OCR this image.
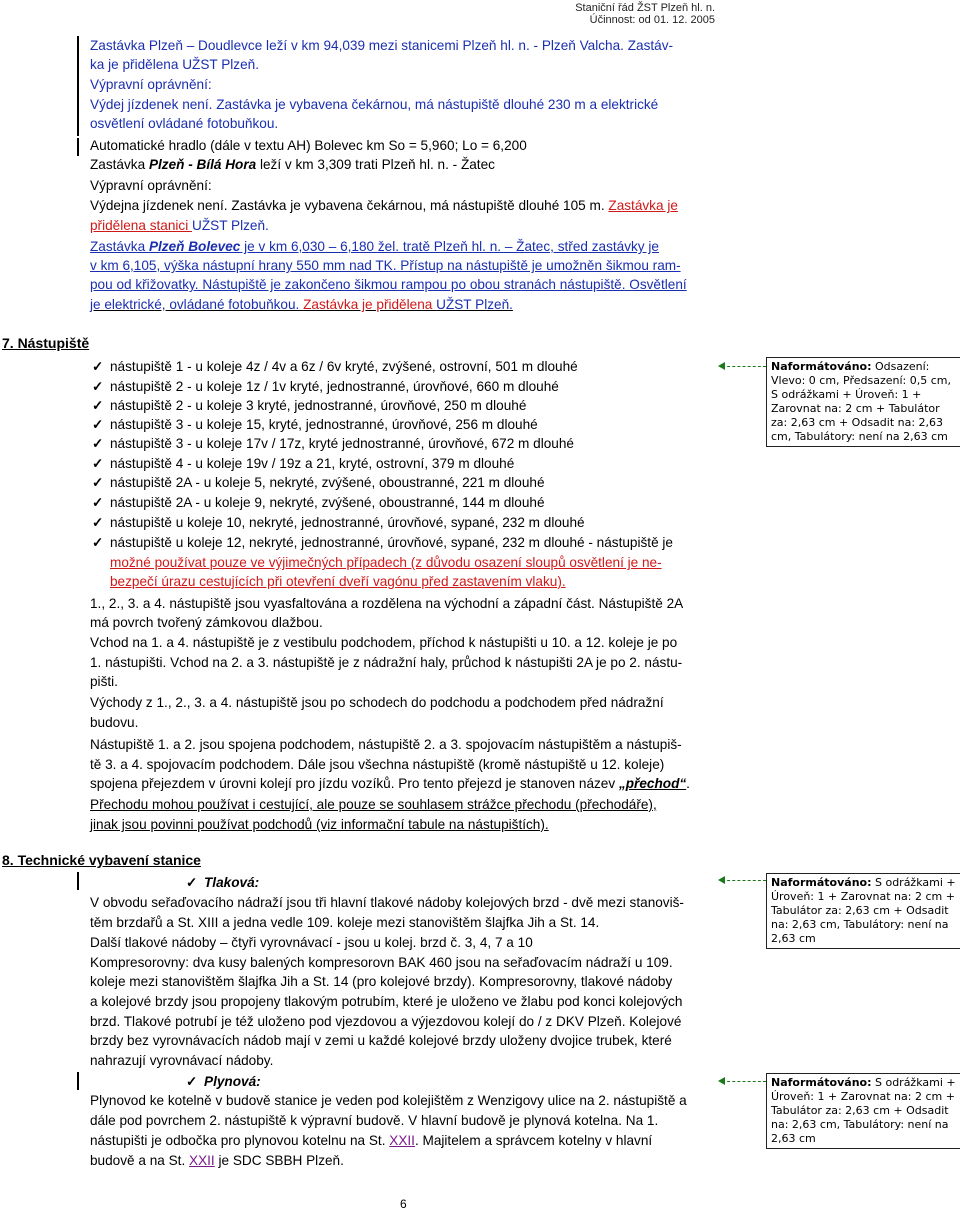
Staniční řád ŽST Plzeň hl. n.
Účinnost: od 01. 12. 2005
Zastávka Plzeň – Doudlevce leží v km 94,039 mezi stanicemi Plzeň hl. n. - Plzeň Valcha. Zastáv-
ka je přidělena UŽST Plzeň.
Výpravní oprávnění:
Výdej jízdenek není. Zastávka je vybavena čekárnou, má nástupiště dlouhé 230 m a elektrické
osvětlení ovládané fotobuňkou.
Automatické hradlo (dále v textu AH) Bolevec km So = 5,960; Lo = 6,200
Zastávka Plzeň - Bílá Hora leží v km 3,309 trati Plzeň hl. n. - Žatec
Výpravní oprávnění:
Výdejna jízdenek není. Zastávka je vybavena čekárnou, má nástupiště dlouhé 105 m. Zastávka je
přidělena stanici UŽST Plzeň.
Zastávka Plzeň Bolevec je v km 6,030 – 6,180 žel. tratě Plzeň hl. n. – Žatec, střed zastávky je
v km 6,105, výška nástupní hrany 550 mm nad TK. Přístup na nástupiště je umožněn šikmou ram-
pou od křižovatky. Nástupiště je zakončeno šikmou rampou po obou stranách nástupiště. Osvětlení
je elektrické, ovládané fotobuňkou. Zastávka je přidělena UŽST Plzeň.
7. Nástupiště
✓ nástupiště 1 - u koleje 4z / 4v a 6z / 6v kryté, zvýšené, ostrovní, 501 m dlouhé
✓ nástupiště 2 - u koleje 1z / 1v kryté, jednostranné, úrovňové, 660 m dlouhé
✓ nástupiště 2 - u koleje 3 kryté, jednostranné, úrovňové, 250 m dlouhé
✓ nástupiště 3 - u koleje 15, kryté, jednostranné, úrovňové, 256 m dlouhé
✓ nástupiště 3 - u koleje 17v / 17z, kryté jednostranné, úrovňové, 672 m dlouhé
✓ nástupiště 4 - u koleje 19v / 19z a 21, kryté, ostrovní, 379 m dlouhé
✓ nástupiště 2A - u koleje 5, nekryté, zvýšené, oboustranné, 221 m dlouhé
✓ nástupiště 2A - u koleje 9, nekryté, zvýšené, oboustranné, 144 m dlouhé
✓ nástupiště u koleje 10, nekryté, jednostranné, úrovňové, sypané, 232 m dlouhé
✓ nástupiště u koleje 12, nekryté, jednostranné, úrovňové, sypané, 232 m dlouhé - nástupiště je
možné používat pouze ve výjimečných případech (z důvodu osazení sloupů osvětlení je ne-
bezpečí úrazu cestujících při otevření dveří vagónu před zastavením vlaku).
1., 2., 3. a 4. nástupiště jsou vyasfaltována a rozdělena na východní a západní část. Nástupiště 2A
má povrch tvořený zámkovou dlažbou.
Vchod na 1. a 4. nástupiště je z vestibulu podchodem, příchod k nástupišti u 10. a 12. koleje je po
1. nástupišti. Vchod na 2. a 3. nástupiště je z nádražní haly, průchod k nástupišti 2A je po 2. nástu-
pišti.
Východy z 1., 2., 3. a 4. nástupiště jsou po schodech do podchodu a podchodem před nádražní
budovu.
Nástupiště 1. a 2. jsou spojena podchodem, nástupiště 2. a 3. spojovacím nástupištěm a nástupiš-
tě 3. a 4. spojovacím podchodem. Dále jsou všechna nástupiště (kromě nástupiště u 12. koleje)
spojena přejezdem v úrovni kolejí pro jízdu vozíků. Pro tento přejezd je stanoven název „přechod“.
Přechodu mohou používat i cestující, ale pouze se souhlasem strážce přechodu (přechodáře),
jinak jsou povinni používat podchodů (viz informační tabule na nástupištích).
8. Technické vybavení stanice
✓ Tlaková:
V obvodu seřaďovacího nádraží jsou tři hlavní tlakové nádoby kolejových brzd - dvě mezi stanoviš-
těm brzdařů a St. XIII a jedna vedle 109. koleje mezi stanovištěm šlajfka Jih a St. 14.
Další tlakové nádoby – čtyři vyrovnávací - jsou u kolej. brzd č. 3, 4, 7 a 10
Kompresorovny: dva kusy balených kompresorovn BAK 460 jsou na seřaďovacím nádraží u 109.
koleje mezi stanovištěm šlajfka Jih a St. 14 (pro kolejové brzdy). Kompresorovny, tlakové nádoby
a kolejové brzdy jsou propojeny tlakovým potrubím, které je uloženo ve žlabu pod konci kolejových
brzd. Tlakové potrubí je též uloženo pod vjezdovou a výjezdovou kolejí do / z DKV Plzeň. Kolejové
brzdy bez vyrovnávacích nádob mají v zemi u každé kolejové brzdy uloženy dvojice trubek, které
nahrazují vyrovnávací nádoby.
✓ Plynová:
Plynovod ke kotelně v budově stanice je veden pod kolejištěm z Wenzigovy ulice na 2. nástupiště a
dále pod povrchem 2. nástupiště k výpravní budově. V hlavní budově je plynová kotelna. Na 1.
nástupišti je odbočka pro plynovou kotelnu na St. XXII. Majitelem a správcem kotelny v hlavní
budově a na St. XXII je SDC SBBH Plzeň.
Naformátováno: Odsazení: Vlevo: 0 cm, Předsazení: 0,5 cm, S odrážkami + Úroveň: 1 + Zarovnat na: 2 cm + Tabulátor za: 2,63 cm + Odsadit na: 2,63 cm, Tabulátory: není na 2,63 cm
Naformátováno: S odrážkami + Úroveň: 1 + Zarovnat na: 2 cm + Tabulátor za: 2,63 cm + Odsadit na: 2,63 cm, Tabulátory: není na 2,63 cm
Naformátováno: S odrážkami + Úroveň: 1 + Zarovnat na: 2 cm + Tabulátor za: 2,63 cm + Odsadit na: 2,63 cm, Tabulátory: není na 2,63 cm
6
